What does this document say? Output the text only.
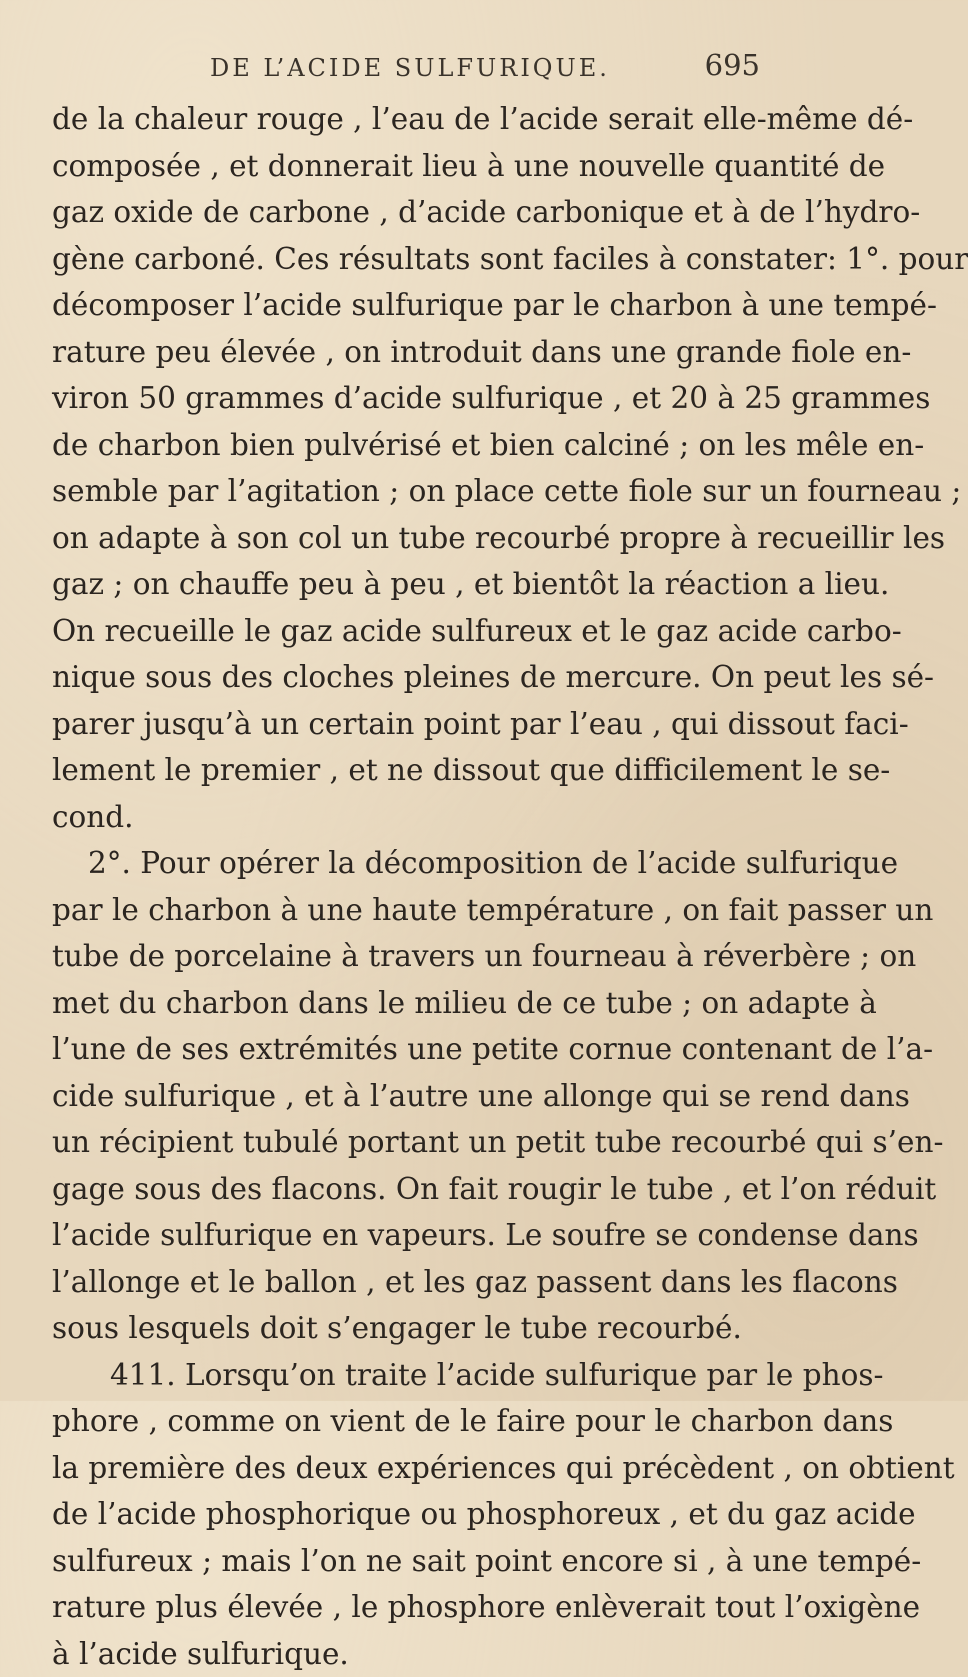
DE L’ACIDE SULFURIQUE.	695
de la chaleur rouge , l’eau de l’acide serait elle-même dé-
composée , et donnerait lieu à une nouvelle quantité de
gaz oxide de carbone , d’acide carbonique et à de l’hydro-
gène carboné. Ces résultats sont faciles à constater: 1°. pour
décomposer l’acide sulfurique par le charbon à une tempé-
rature peu élevée , on introduit dans une grande fiole en-
viron 50 grammes d’acide sulfurique , et 20 à 25 grammes
de charbon bien pulvérisé et bien calciné ; on les mêle en-
semble par l’agitation ; on place cette fiole sur un fourneau ;
on adapte à son col un tube recourbé propre à recueillir les
gaz ; on chauffe peu à peu , et bientôt la réaction a lieu.
On recueille le gaz acide sulfureux et le gaz acide carbo-
nique sous des cloches pleines de mercure. On peut les sé-
parer jusqu’à un certain point par l’eau , qui dissout faci-
lement le premier , et ne dissout que difficilement le se-
cond.
2°. Pour opérer la décomposition de l’acide sulfurique
par le charbon à une haute température , on fait passer un
tube de porcelaine à travers un fourneau à réverbère ; on
met du charbon dans le milieu de ce tube ; on adapte à
l’une de ses extrémités une petite cornue contenant de l’a-
cide sulfurique , et à l’autre une allonge qui se rend dans
un récipient tubulé portant un petit tube recourbé qui s’en-
gage sous des flacons. On fait rougir le tube , et l’on réduit
l’acide sulfurique en vapeurs. Le soufre se condense dans
l’allonge et le ballon , et les gaz passent dans les flacons
sous lesquels doit s’engager le tube recourbé.
411. Lorsqu’on traite l’acide sulfurique par le phos-
phore , comme on vient de le faire pour le charbon dans
la première des deux expériences qui précèdent , on obtient
de l’acide phosphorique ou phosphoreux , et du gaz acide
sulfureux ; mais l’on ne sait point encore si , à une tempé-
rature plus élevée , le phosphore enlèverait tout l’oxigène
à l’acide sulfurique.
